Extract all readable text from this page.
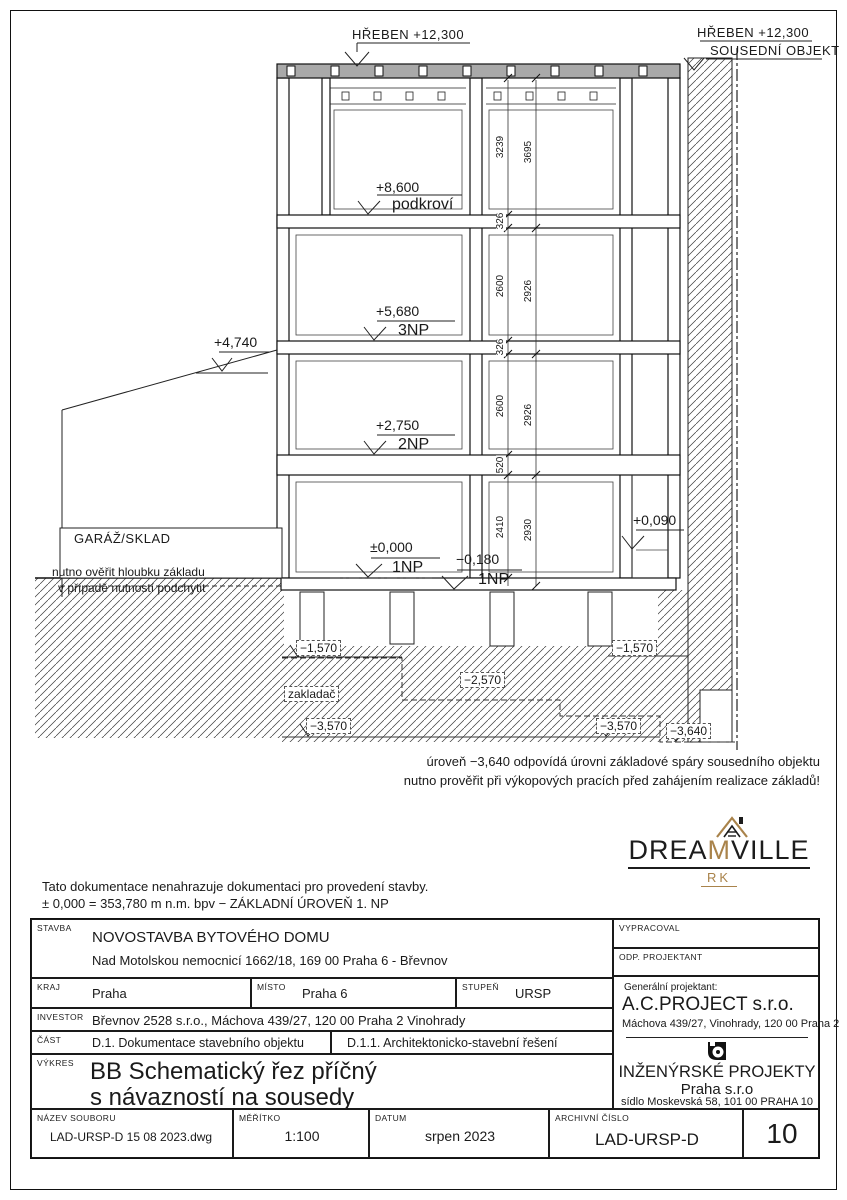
HŘEBEN +12,300	HŘEBEN +12,300
SOUSEDNÍ OBJEKT
+8,600
podkroví
+5,680
3NP
+2,750
2NP
±0,000
1NP −0,180
1NP
+4,740
+0,090
GARÁŽ/SKLAD
nutno ověřit hloubku základu
v případě nutností podchytit
3239 3695
326
2600 2926
326
2600 2926
520
2410 2930
−1,570
−2,570
−1,570
−3,570	−3,570	−3,640
zakladač
úroveň −3,640 odpovídá úrovni základové spáry sousedního objektu
nutno prověřit při výkopových pracích před zahájením realizace základů!
DREAMVILLE
RK
Tato dokumentace nenahrazuje dokumentaci pro provedení stavby.
± 0,000 = 353,780 m n.m. bpv − ZÁKLADNÍ ÚROVEŇ 1. NP
STAVBA
NOVOSTAVBA BYTOVÉHO DOMU
Nad Motolskou nemocnicí 1662/18, 169 00 Praha 6 - Břevnov
KRAJ Praha	MÍSTO Praha 6	STUPEŇ URSP
INVESTOR Břevnov 2528 s.r.o., Máchova 439/27, 120 00 Praha 2 Vinohrady
ČÁST D.1. Dokumentace stavebního objektu	D.1.1. Architektonicko-stavební řešení
VÝKRES BB Schematický řez příčný
s návazností na sousedy
VYPRACOVAL
ODP. PROJEKTANT
Generální projektant:
A.C.PROJECT s.r.o.
Máchova 439/27, Vinohrady, 120 00 Praha 2
INŽENÝRSKÉ PROJEKTY
Praha s.r.o
sídlo Moskevská 58, 101 00 PRAHA 10
NÁZEV SOUBORU
LAD-URSP-D 15 08 2023.dwg
MĚŘÍTKO
1:100
DATUM
srpen 2023
ARCHIVNÍ ČÍSLO
LAD-URSP-D	10
